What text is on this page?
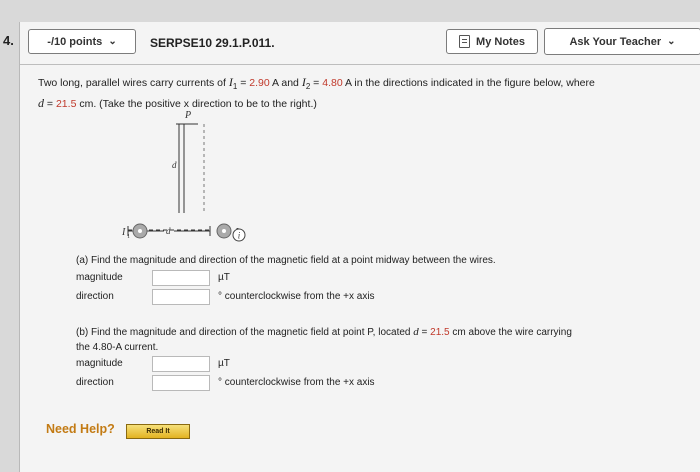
4.	-/10 points ⌄	SERPSE10 29.1.P.011.	My Notes	Ask Your Teacher ⌄
Two long, parallel wires carry currents of $I_1 = 2.90$ A and $I_2 = 4.80$ A in the directions indicated in the figure below, where
d = 21.5 cm. (Take the positive x direction to be to the right.)
P
d
d
I 1	i
(a) Find the magnitude and direction of the magnetic field at a point midway between the wires.
magnitude	µT
direction	° counterclockwise from the +x axis
(b) Find the magnitude and direction of the magnetic field at point P, located d = 21.5 cm above the wire carrying
the 4.80-A current.
magnitude	µT
direction	° counterclockwise from the +x axis
Need Help?	Read It
